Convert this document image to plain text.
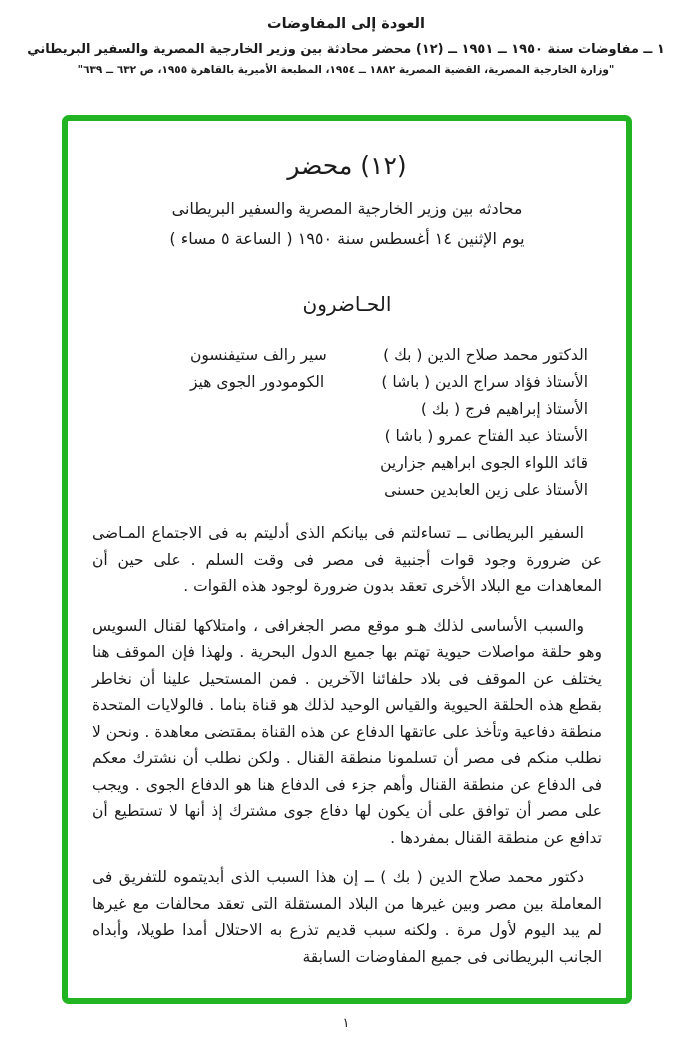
العودة إلى المفاوضات
١ ــ مفاوضات سنة ١٩٥٠ ــ ١٩٥١ ــ (١٢) محضر محادثة بين وزير الخارجية المصرية والسفير البريطاني
"وزارة الخارجية المصرية، القضية المصرية ١٨٨٢ ــ ١٩٥٤، المطبعة الأميرية بالقاهرة ١٩٥٥، ص ٦٣٢ ــ ٦٣٩"
(١٢) محضر
محادثه بين وزير الخارجية المصرية والسفير البريطانى
يوم الإثنين ١٤ أغسطس سنة ١٩٥٠ ( الساعة ٥ مساء )
الحـاضرون
الدكتور محمد صلاح الدين ( بك )
سير رالف ستيفنسون
الأستاذ فؤاد سراج الدين ( باشا )
الكومودور الجوى هيز
الأستاذ إبراهيم فرج ( بك )
الأستاذ عبد الفتاح عمرو ( باشا )
قائد اللواء الجوى ابراهيم جزارين
الأستاذ على زين العابدين حسنى

السفير البريطانى ــ تساءلتم فى بيانكم الذى أدليتم به فى الاجتماع المـاضى عن ضرورة وجود قوات أجنبية فى مصر فى وقت السلم . على حين أن المعاهدات مع البلاد الأخرى تعقد بدون ضرورة لوجود هذه القوات .

والسبب الأساسى لذلك هـو موقع مصر الجغرافى ، وامتلاكها لقنال السويس وهو حلقة مواصلات حيوية تهتم بها جميع الدول البحرية . ولهذا فإن الموقف هنا يختلف عن الموقف فى بلاد حلفائنا الآخرين . فمن المستحيل علينا أن نخاطر بقطع هذه الحلقة الحيوية والقياس الوحيد لذلك هو قناة بناما . فالولايات المتحدة منطقة دفاعية وتأخذ على عاتقها الدفاع عن هذه القناة بمقتضى معاهدة . ونحن لا نطلب منكم فى مصر أن تسلمونا منطقة القنال . ولكن نطلب أن نشترك معكم فى الدفاع عن منطقة القنال وأهم جزء فى الدفاع هنا هو الدفاع الجوى . ويجب على مصر أن توافق على أن يكون لها دفاع جوى مشترك إذ أنها لا تستطيع أن تدافع عن منطقة القنال بمفردها .

دكتور محمد صلاح الدين ( بك ) ــ إن هذا السبب الذى أبديتموه للتفريق فى المعاملة بين مصر وبين غيرها من البلاد المستقلة التى تعقد محالفات مع غيرها لم يبد اليوم لأول مرة . ولكنه سبب قديم تذرع به الاحتلال أمدا طويلا، وأبداه الجانب البريطانى فى جميع المفاوضات السابقة

١
